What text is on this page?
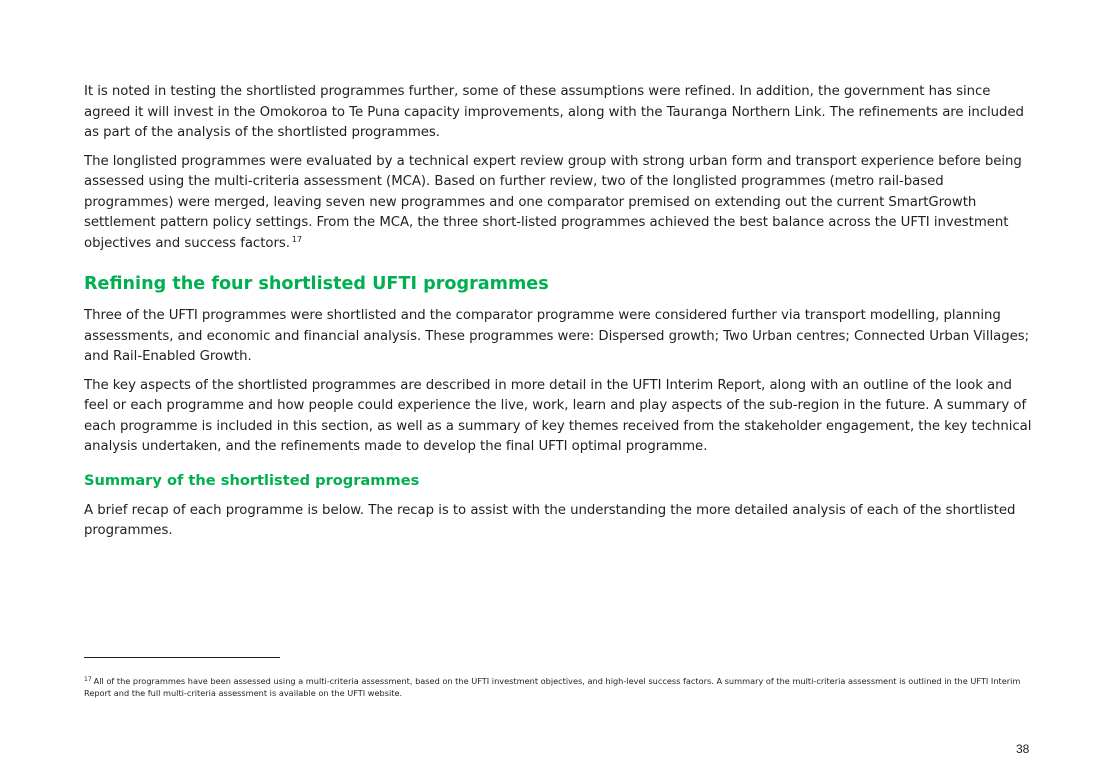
It is noted in testing the shortlisted programmes further, some of these assumptions were refined. In addition, the government has since agreed it will invest in the Omokoroa to Te Puna capacity improvements, along with the Tauranga Northern Link. The refinements are included as part of the analysis of the shortlisted programmes.

The longlisted programmes were evaluated by a technical expert review group with strong urban form and transport experience before being assessed using the multi-criteria assessment (MCA). Based on further review, two of the longlisted programmes (metro rail-based programmes) were merged, leaving seven new programmes and one comparator premised on extending out the current SmartGrowth settlement pattern policy settings. From the MCA, the three short-listed programmes achieved the best balance across the UFTI investment objectives and success factors. $^{17}$

Refining the four shortlisted UFTI programmes

Three of the UFTI programmes were shortlisted and the comparator programme were considered further via transport modelling, planning assessments, and economic and financial analysis. These programmes were: Dispersed growth; Two Urban centres; Connected Urban Villages; and Rail-Enabled Growth.

The key aspects of the shortlisted programmes are described in more detail in the UFTI Interim Report, along with an outline of the look and feel or each programme and how people could experience the live, work, learn and play aspects of the sub-region in the future. A summary of each programme is included in this section, as well as a summary of key themes received from the stakeholder engagement, the key technical analysis undertaken, and the refinements made to develop the final UFTI optimal programme.

Summary of the shortlisted programmes

A brief recap of each programme is below. The recap is to assist with the understanding the more detailed analysis of each of the shortlisted programmes.

$^{17}$ All of the programmes have been assessed using a multi-criteria assessment, based on the UFTI investment objectives, and high-level success factors. A summary of the multi-criteria assessment is outlined in the UFTI Interim Report and the full multi-criteria assessment is available on the UFTI website.
38
